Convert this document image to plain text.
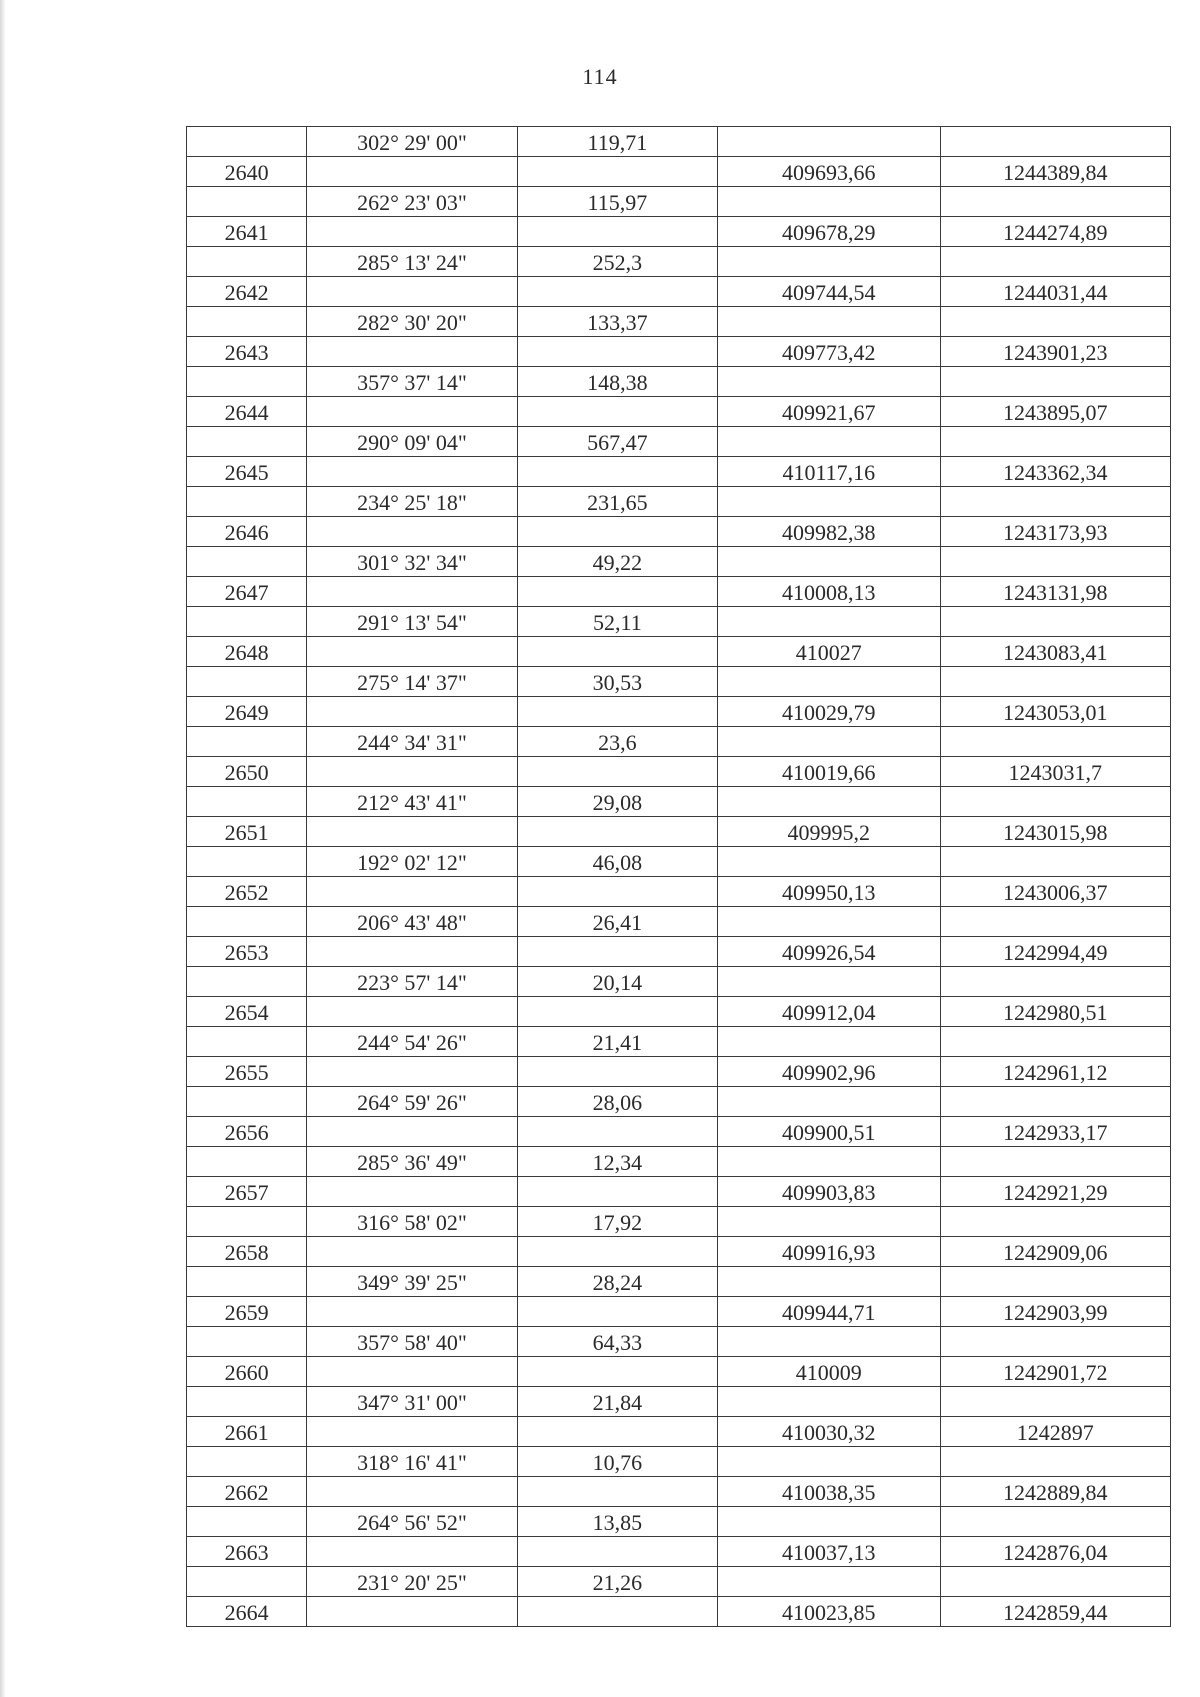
114
	302° 29' 00"	119,71		
2640			409693,66	1244389,84
	262° 23' 03"	115,97		
2641			409678,29	1244274,89
	285° 13' 24"	252,3		
2642			409744,54	1244031,44
	282° 30' 20"	133,37		
2643			409773,42	1243901,23
	357° 37' 14"	148,38		
2644			409921,67	1243895,07
	290° 09' 04"	567,47		
2645			410117,16	1243362,34
	234° 25' 18"	231,65		
2646			409982,38	1243173,93
	301° 32' 34"	49,22		
2647			410008,13	1243131,98
	291° 13' 54"	52,11		
2648			410027	1243083,41
	275° 14' 37"	30,53		
2649			410029,79	1243053,01
	244° 34' 31"	23,6		
2650			410019,66	1243031,7
	212° 43' 41"	29,08		
2651			409995,2	1243015,98
	192° 02' 12"	46,08		
2652			409950,13	1243006,37
	206° 43' 48"	26,41		
2653			409926,54	1242994,49
	223° 57' 14"	20,14		
2654			409912,04	1242980,51
	244° 54' 26"	21,41		
2655			409902,96	1242961,12
	264° 59' 26"	28,06		
2656			409900,51	1242933,17
	285° 36' 49"	12,34		
2657			409903,83	1242921,29
	316° 58' 02"	17,92		
2658			409916,93	1242909,06
	349° 39' 25"	28,24		
2659			409944,71	1242903,99
	357° 58' 40"	64,33		
2660			410009	1242901,72
	347° 31' 00"	21,84		
2661			410030,32	1242897
	318° 16' 41"	10,76		
2662			410038,35	1242889,84
	264° 56' 52"	13,85		
2663			410037,13	1242876,04
	231° 20' 25"	21,26		
2664			410023,85	1242859,44
